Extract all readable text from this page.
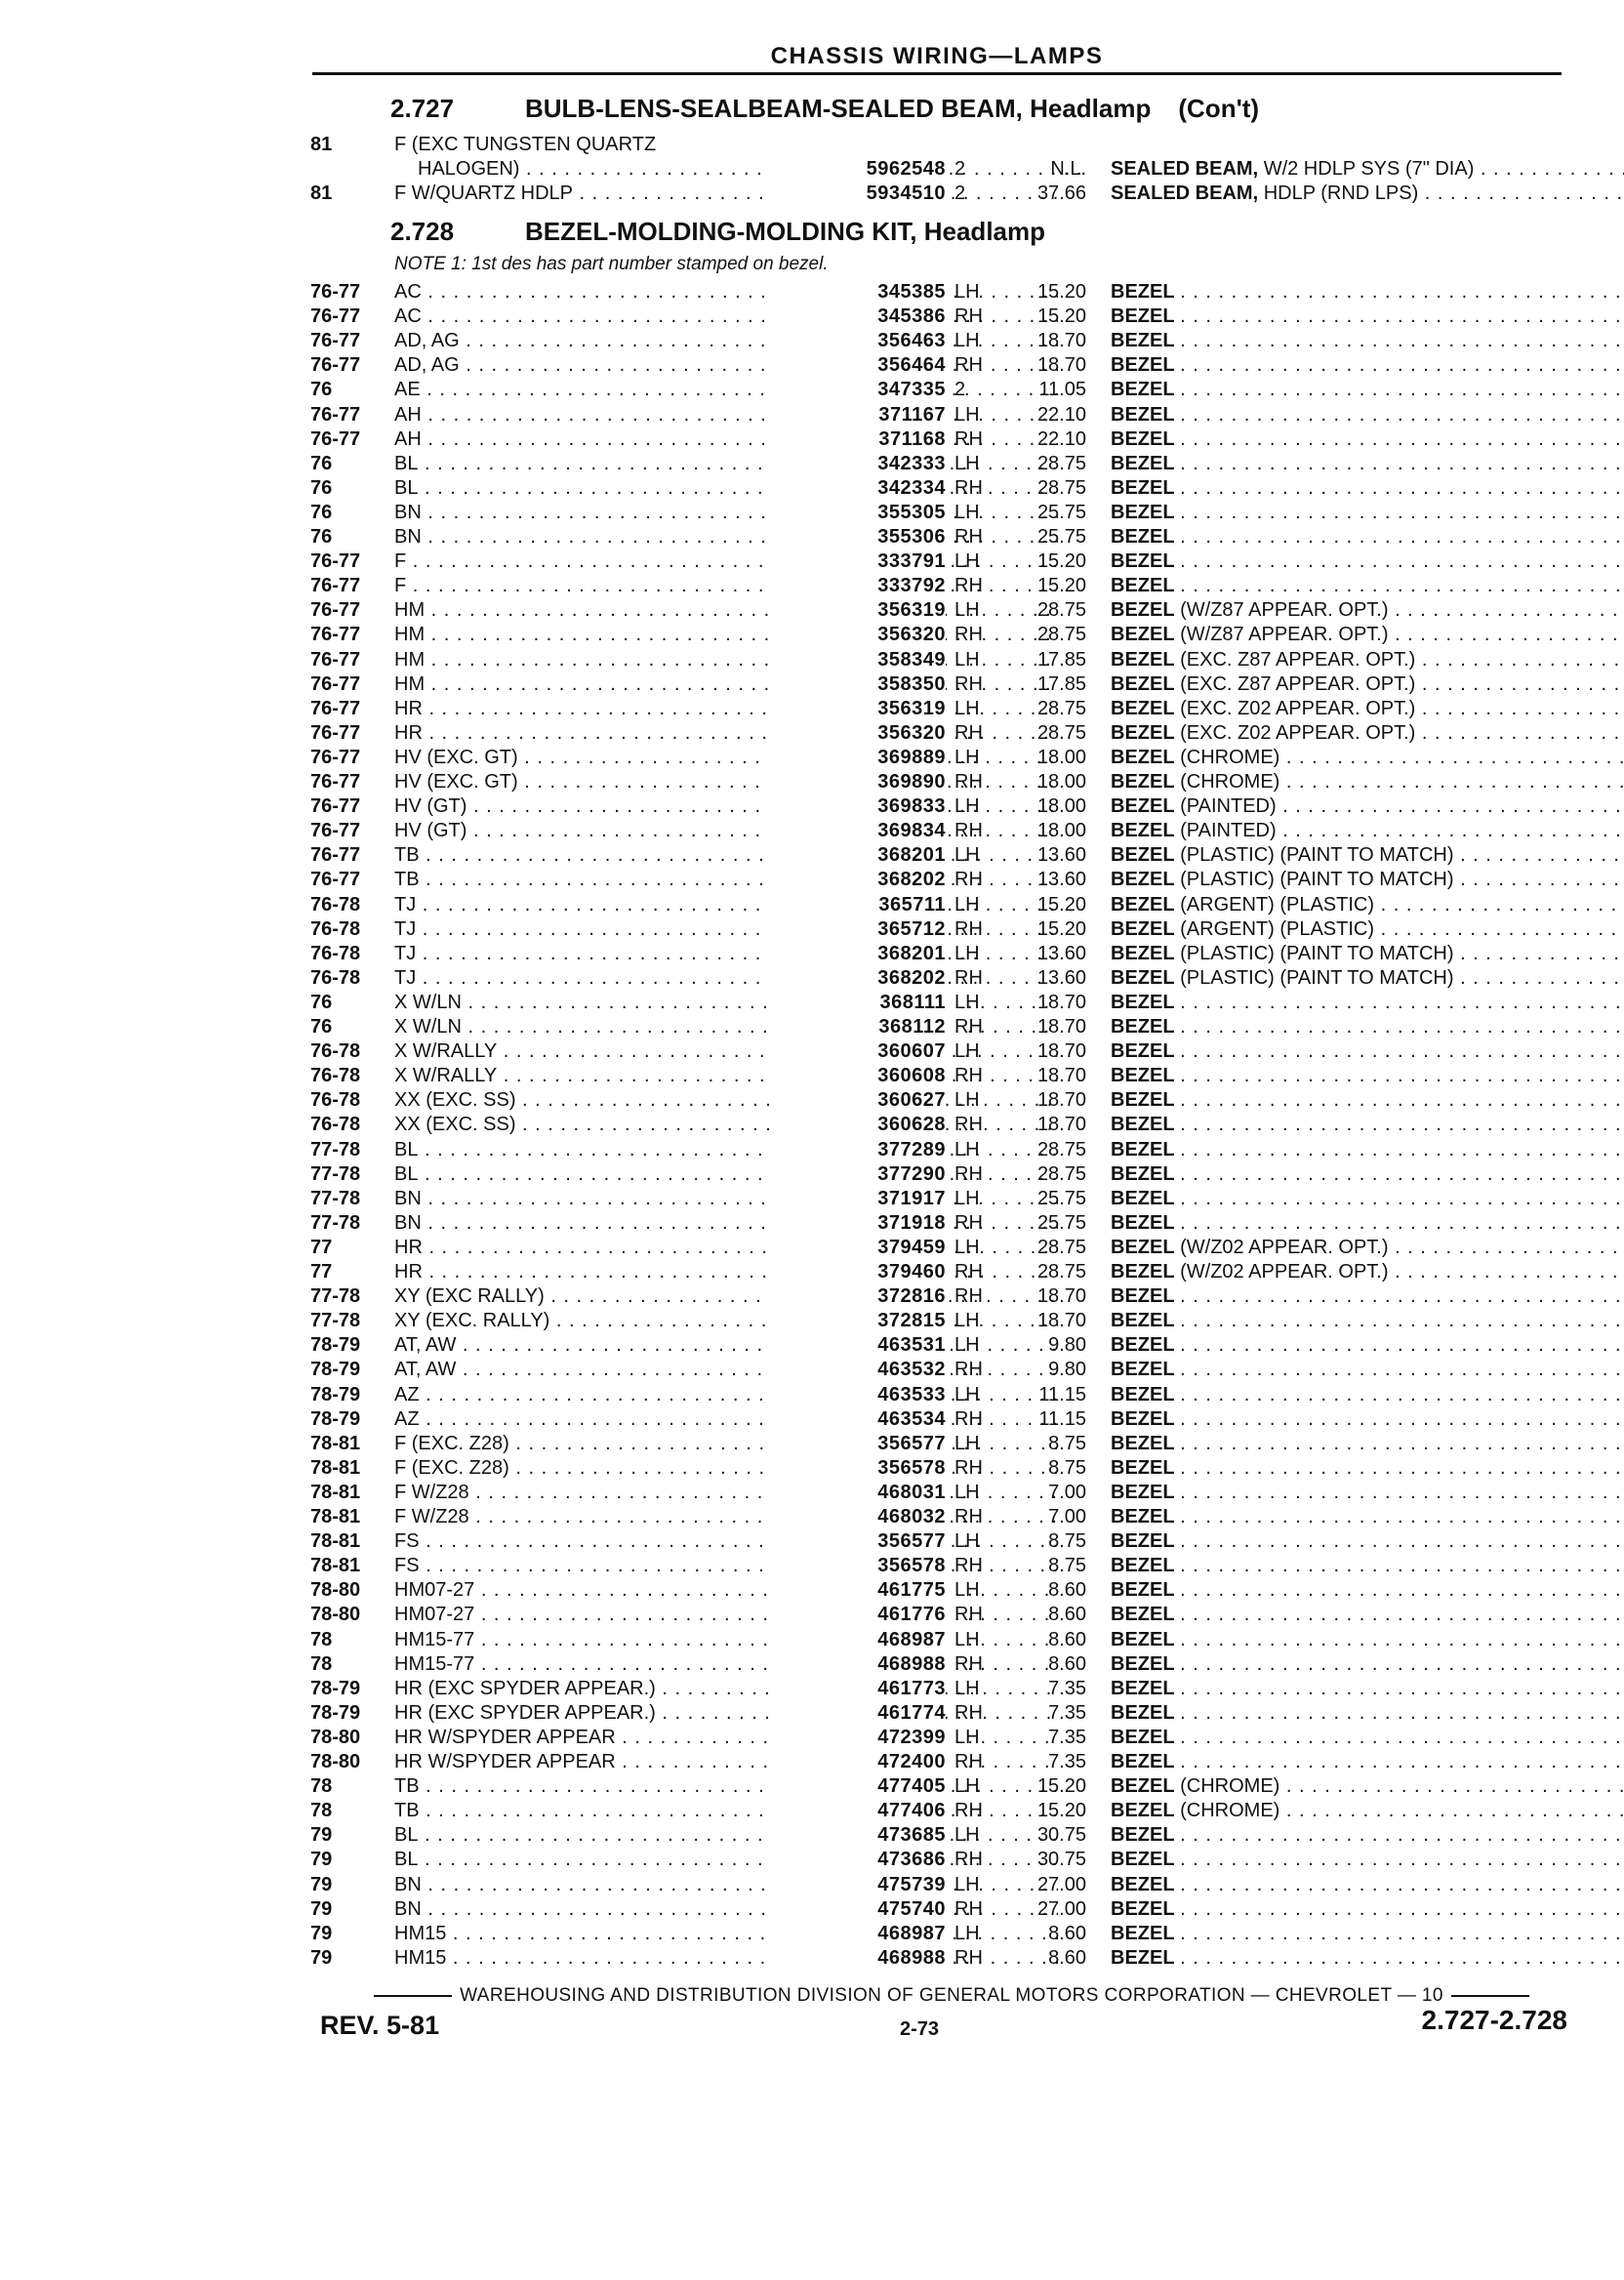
CHASSIS WIRING—LAMPS
2.727	BULB-LENS-SEALBEAM-SEALED BEAM, Headlamp (Con't)
81	F (EXC TUNGSTEN QUARTZ
HALOGEN) . . .	5962548 2	N.L. SEALED BEAM, W/2 HDLP SYS (7" DIA) . . .
81	F W/QUARTZ HDLP . . .	5934510 2	37.66 SEALED BEAM, HDLP (RND LPS) . . .
2.728	BEZEL-MOLDING-MOLDING KIT, Headlamp
NOTE 1: 1st des has part number stamped on bezel.
76-77	AC . . .	345385 LH	15.20 BEZEL . . .
76-77	AC . . .	345386 RH	15.20 BEZEL . . .
76-77	AD, AG . . .	356463 LH	18.70 BEZEL . . .
76-77	AD, AG . . .	356464 RH	18.70 BEZEL . . .
76	AE . . .	347335 2	11.05 BEZEL . . .
76-77	AH . . .	371167 LH	22.10 BEZEL . . .
76-77	AH . . .	371168 RH	22.10 BEZEL . . .
76	BL . . .	342333 LH	28.75 BEZEL . . .
76	BL . . .	342334 RH	28.75 BEZEL . . .
76	BN . . .	355305 LH	25.75 BEZEL . . .
76	BN . . .	355306 RH	25.75 BEZEL . . .
76-77	F . . .	333791 LH	15.20 BEZEL . . .
76-77	F . . .	333792 RH	15.20 BEZEL . . .
76-77	HM . . .	356319 LH	28.75 BEZEL (W/Z87 APPEAR. OPT.) . . .
76-77	HM . . .	356320 RH	28.75 BEZEL (W/Z87 APPEAR. OPT.) . . .
76-77	HM . . .	358349 LH	17.85 BEZEL (EXC. Z87 APPEAR. OPT.) . . .
76-77	HM . . .	358350 RH	17.85 BEZEL (EXC. Z87 APPEAR. OPT.) . . .
76-77	HR . . .	356319 LH	28.75 BEZEL (EXC. Z02 APPEAR. OPT.) . . .
76-77	HR . . .	356320 RH	28.75 BEZEL (EXC. Z02 APPEAR. OPT.) . . .
76-77	HV (EXC. GT) . . .	369889 LH	18.00 BEZEL (CHROME) . . .
76-77	HV (EXC. GT) . . .	369890 RH	18.00 BEZEL (CHROME) . . .
76-77	HV (GT) . . .	369833 LH	18.00 BEZEL (PAINTED) . . .
76-77	HV (GT) . . .	369834 RH	18.00 BEZEL (PAINTED) . . .
76-77	TB . . .	368201 LH	13.60 BEZEL (PLASTIC) (PAINT TO MATCH) . . .
76-77	TB . . .	368202 RH	13.60 BEZEL (PLASTIC) (PAINT TO MATCH) . . .
76-78	TJ . . .	365711 LH	15.20 BEZEL (ARGENT) (PLASTIC) . . .
76-78	TJ . . .	365712 RH	15.20 BEZEL (ARGENT) (PLASTIC) . . .
76-78	TJ . . .	368201 LH	13.60 BEZEL (PLASTIC) (PAINT TO MATCH) . . .
76-78	TJ . . .	368202 RH	13.60 BEZEL (PLASTIC) (PAINT TO MATCH) . . .
76	X W/LN . . .	368111 LH	18.70 BEZEL . . .
76	X W/LN . . .	368112 RH	18.70 BEZEL . . .
76-78	X W/RALLY . . .	360607 LH	18.70 BEZEL . . .
76-78	X W/RALLY . . .	360608 RH	18.70 BEZEL . . .
76-78	XX (EXC. SS) . . .	360627 LH	18.70 BEZEL . . .
76-78	XX (EXC. SS) . . .	360628 RH	18.70 BEZEL . . .
77-78	BL . . .	377289 LH	28.75 BEZEL . . .
77-78	BL . . .	377290 RH	28.75 BEZEL . . .
77-78	BN . . .	371917 LH	25.75 BEZEL . . .
77-78	BN . . .	371918 RH	25.75 BEZEL . . .
77	HR . . .	379459 LH	28.75 BEZEL (W/Z02 APPEAR. OPT.) . . .
77	HR . . .	379460 RH	28.75 BEZEL (W/Z02 APPEAR. OPT.) . . .
77-78	XY (EXC RALLY) . . .	372816 RH	18.70 BEZEL . . .
77-78	XY (EXC. RALLY) . . .	372815 LH	18.70 BEZEL . . .
78-79	AT, AW . . .	463531 LH	9.80 BEZEL . . .
78-79	AT, AW . . .	463532 RH	9.80 BEZEL . . .
78-79	AZ . . .	463533 LH	11.15 BEZEL . . .
78-79	AZ . . .	463534 RH	11.15 BEZEL . . .
78-81	F (EXC. Z28) . . .	356577 LH	8.75 BEZEL . . .
78-81	F (EXC. Z28) . . .	356578 RH	8.75 BEZEL . . .
78-81	F W/Z28 . . .	468031 LH	7.00 BEZEL . . .
78-81	F W/Z28 . . .	468032 RH	7.00 BEZEL . . .
78-81	FS . . .	356577 LH	8.75 BEZEL . . .
78-81	FS . . .	356578 RH	8.75 BEZEL . . .
78-80	HM07-27 . . .	461775 LH	8.60 BEZEL . . .
78-80	HM07-27 . . .	461776 RH	8.60 BEZEL . . .
78	HM15-77 . . .	468987 LH	8.60 BEZEL . . .
78	HM15-77 . . .	468988 RH	8.60 BEZEL . . .
78-79	HR (EXC SPYDER APPEAR.) . . .	461773 LH	7.35 BEZEL . . .
78-79	HR (EXC SPYDER APPEAR.) . . .	461774 RH	7.35 BEZEL . . .
78-80	HR W/SPYDER APPEAR . . .	472399 LH	7.35 BEZEL . . .
78-80	HR W/SPYDER APPEAR . . .	472400 RH	7.35 BEZEL . . .
78	TB . . .	477405 LH	15.20 BEZEL (CHROME) . . .
78	TB . . .	477406 RH	15.20 BEZEL (CHROME) . . .
79	BL . . .	473685 LH	30.75 BEZEL . . .
79	BL . . .	473686 RH	30.75 BEZEL . . .
79	BN . . .	475739 LH	27.00 BEZEL . . .
79	BN . . .	475740 RH	27.00 BEZEL . . .
79	HM15 . . .	468987 LH	8.60 BEZEL . . .
79	HM15 . . .	468988 RH	8.60 BEZEL . . .
WAREHOUSING AND DISTRIBUTION DIVISION OF GENERAL MOTORS CORPORATION — CHEVROLET — 10
REV. 5-81	2-73	2.727-2.728
